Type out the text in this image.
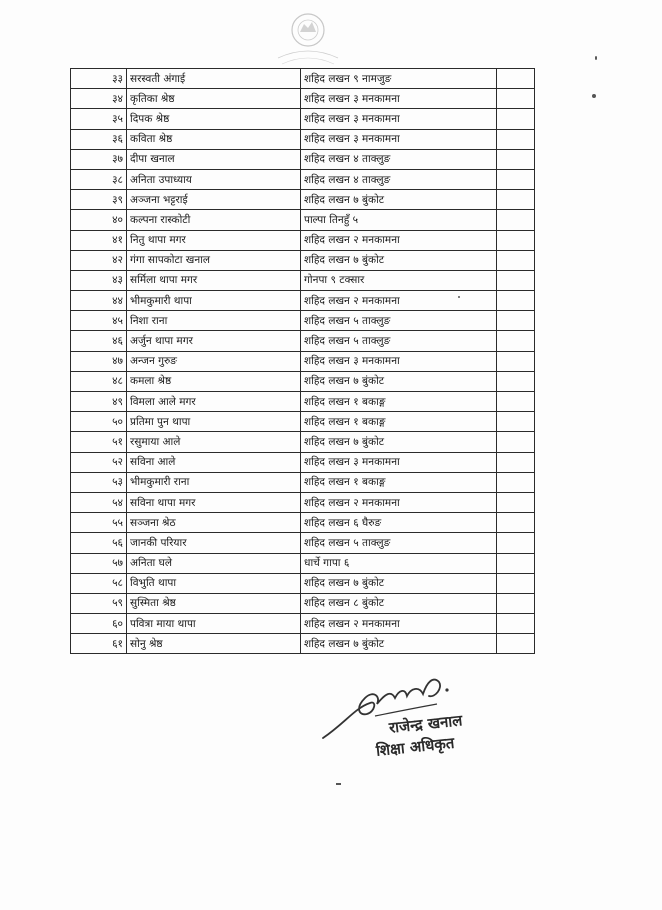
३३	सरस्वती अंगाई	शहिद लखन ९ नामजुङ	
३४	कृतिका श्रेष्ठ	शहिद लखन ३ मनकामना	
३५	दिपक श्रेष्ठ	शहिद लखन ३ मनकामना	
३६	कविता श्रेष्ठ	शहिद लखन ३ मनकामना	
३७	दीपा खनाल	शहिद लखन ४ ताक्लुङ	
३८	अनिता उपाध्याय	शहिद लखन ४ ताक्लुङ	
३९	अञ्जना भट्टराई	शहिद लखन ७ बुंकोट	
४०	कल्पना रास्कोटी	पाल्पा तिनहुँ ५	
४१	नितु थापा मगर	शहिद लखन २ मनकामना	
४२	गंगा सापकोटा खनाल	शहिद लखन ७ बुंकोट	
४३	सर्मिला थापा मगर	गोनपा ९ टक्सार	
४४	भीमकुमारी थापा	शहिद लखन २ मनकामना	
४५	निशा राना	शहिद लखन ५ ताक्लुङ	
४६	अर्जुन थापा मगर	शहिद लखन ५ ताक्लुङ	
४७	अन्जन गुरुङ	शहिद लखन ३ मनकामना	
४८	कमला श्रेष्ठ	शहिद लखन ७ बुंकोट	
४९	विमला आले मगर	शहिद लखन १ बकाङ्ग	
५०	प्रतिमा पुन थापा	शहिद लखन १ बकाङ्ग	
५१	रसुमाया आले	शहिद लखन ७ बुंकोट	
५२	सविना आले	शहिद लखन ३ मनकामना	
५३	भीमकुमारी राना	शहिद लखन १ बकाङ्ग	
५४	सविना थापा मगर	शहिद लखन २ मनकामना	
५५	सञ्जना श्रेठ	शहिद लखन ६ घैरुङ	
५६	जानकी परियार	शहिद लखन ५ ताक्लुङ	
५७	अनिता घले	धार्चे गापा ६	
५८	विभुति थापा	शहिद लखन ७ बुंकोट	
५९	सुस्मिता श्रेष्ठ	शहिद लखन ८ बुंकोट	
६०	पवित्रा माया थापा	शहिद लखन २ मनकामना	
६१	सोनु श्रेष्ठ	शहिद लखन ७ बुंकोट	
राजेन्द्र खनाल
शिक्षा अधिकृत
